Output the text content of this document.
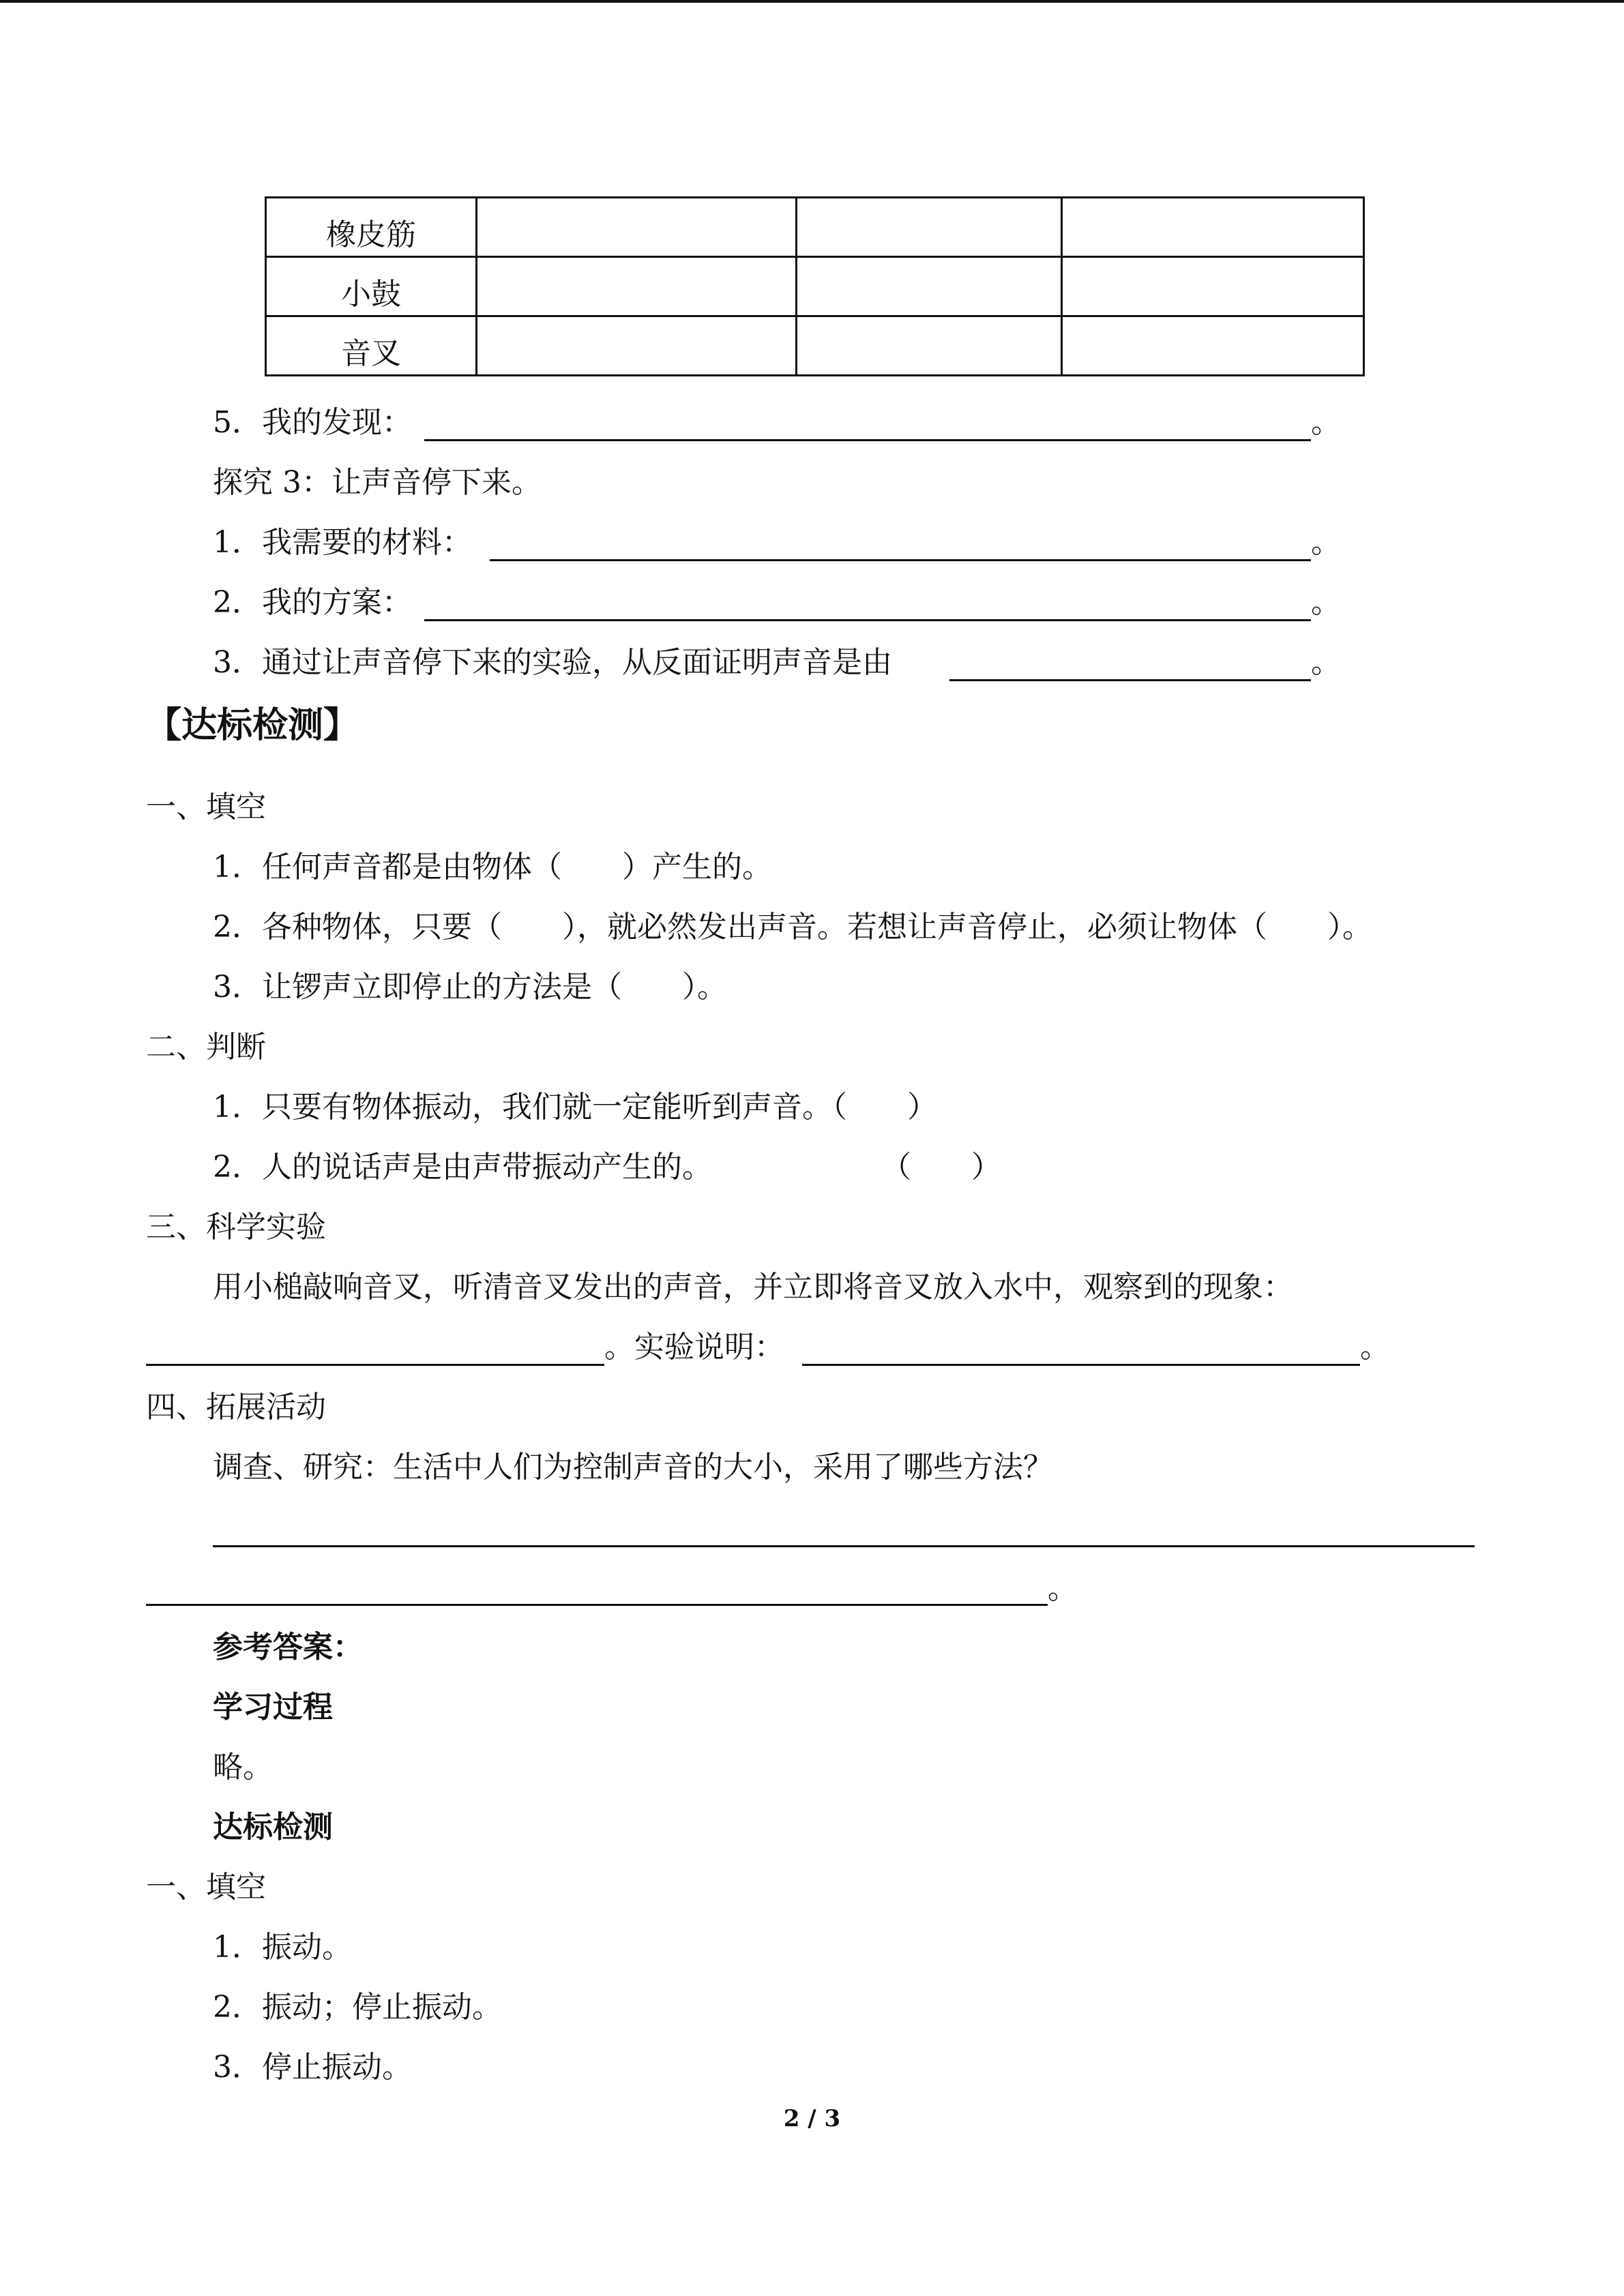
橡皮筋			
小鼓			
音叉			
5．我的发现：	。
探究 3：让声音停下来。
1．我需要的材料：	。
2．我的方案：	。
3．通过让声音停下来的实验，从反面证明声音是由	。
【达标检测】
一、填空
1．任何声音都是由物体（　　）产生的。
2．各种物体，只要（　　），就必然发出声音。若想让声音停止，必须让物体（　　）。
3．让锣声立即停止的方法是（　　）。
二、判断
1．只要有物体振动，我们就一定能听到声音。（　　）
2．人的说话声是由声带振动产生的。	（　　）
三、科学实验
用小槌敲响音叉，听清音叉发出的声音，并立即将音叉放入水中，观察到的现象：
。实验说明：	。
四、拓展活动
调查、研究：生活中人们为控制声音的大小，采用了哪些方法？
。
参考答案：
学习过程
略。
达标检测
一、填空
1．振动。
2．振动；停止振动。
3．停止振动。
2 / 3
